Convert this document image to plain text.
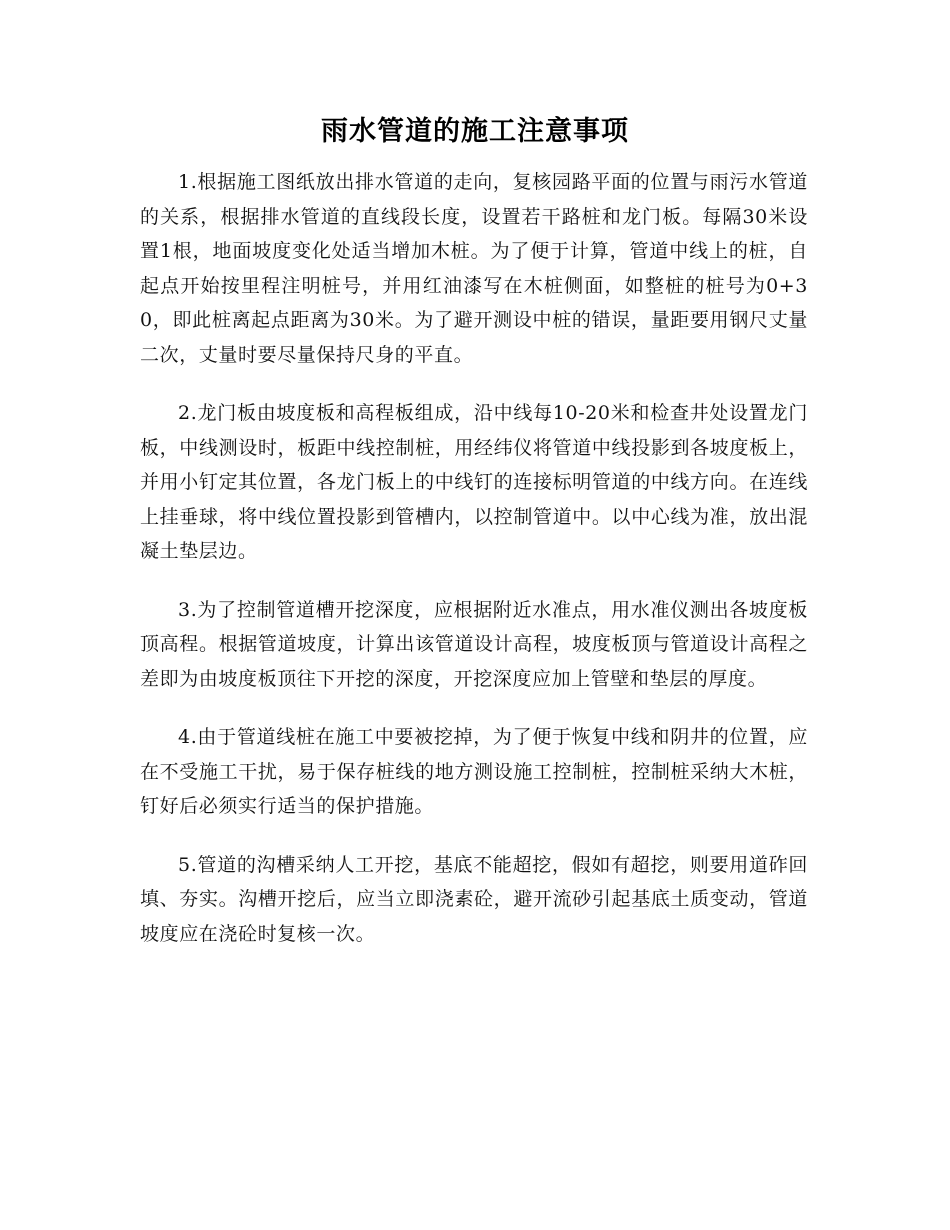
雨水管道的施工注意事项

1.根据施工图纸放出排水管道的走向，复核园路平面的位置与雨污水管道的关系，根据排水管道的直线段长度，设置若干路桩和龙门板。每隔30米设置1根，地面坡度变化处适当增加木桩。为了便于计算，管道中线上的桩，自起点开始按里程注明桩号，并用红油漆写在木桩侧面，如整桩的桩号为0+30，即此桩离起点距离为30米。为了避开测设中桩的错误，量距要用钢尺丈量二次，丈量时要尽量保持尺身的平直。

2.龙门板由坡度板和高程板组成，沿中线每10-20米和检查井处设置龙门板，中线测设时，板距中线控制桩，用经纬仪将管道中线投影到各坡度板上，并用小钉定其位置，各龙门板上的中线钉的连接标明管道的中线方向。在连线上挂垂球，将中线位置投影到管槽内，以控制管道中。以中心线为准，放出混凝土垫层边。

3.为了控制管道槽开挖深度，应根据附近水准点，用水准仪测出各坡度板顶高程。根据管道坡度，计算出该管道设计高程，坡度板顶与管道设计高程之差即为由坡度板顶往下开挖的深度，开挖深度应加上管壁和垫层的厚度。

4.由于管道线桩在施工中要被挖掉，为了便于恢复中线和阴井的位置，应在不受施工干扰，易于保存桩线的地方测设施工控制桩，控制桩采纳大木桩，钉好后必须实行适当的保护措施。

5.管道的沟槽采纳人工开挖，基底不能超挖，假如有超挖，则要用道砟回填、夯实。沟槽开挖后，应当立即浇素砼，避开流砂引起基底土质变动，管道坡度应在浇砼时复核一次。
